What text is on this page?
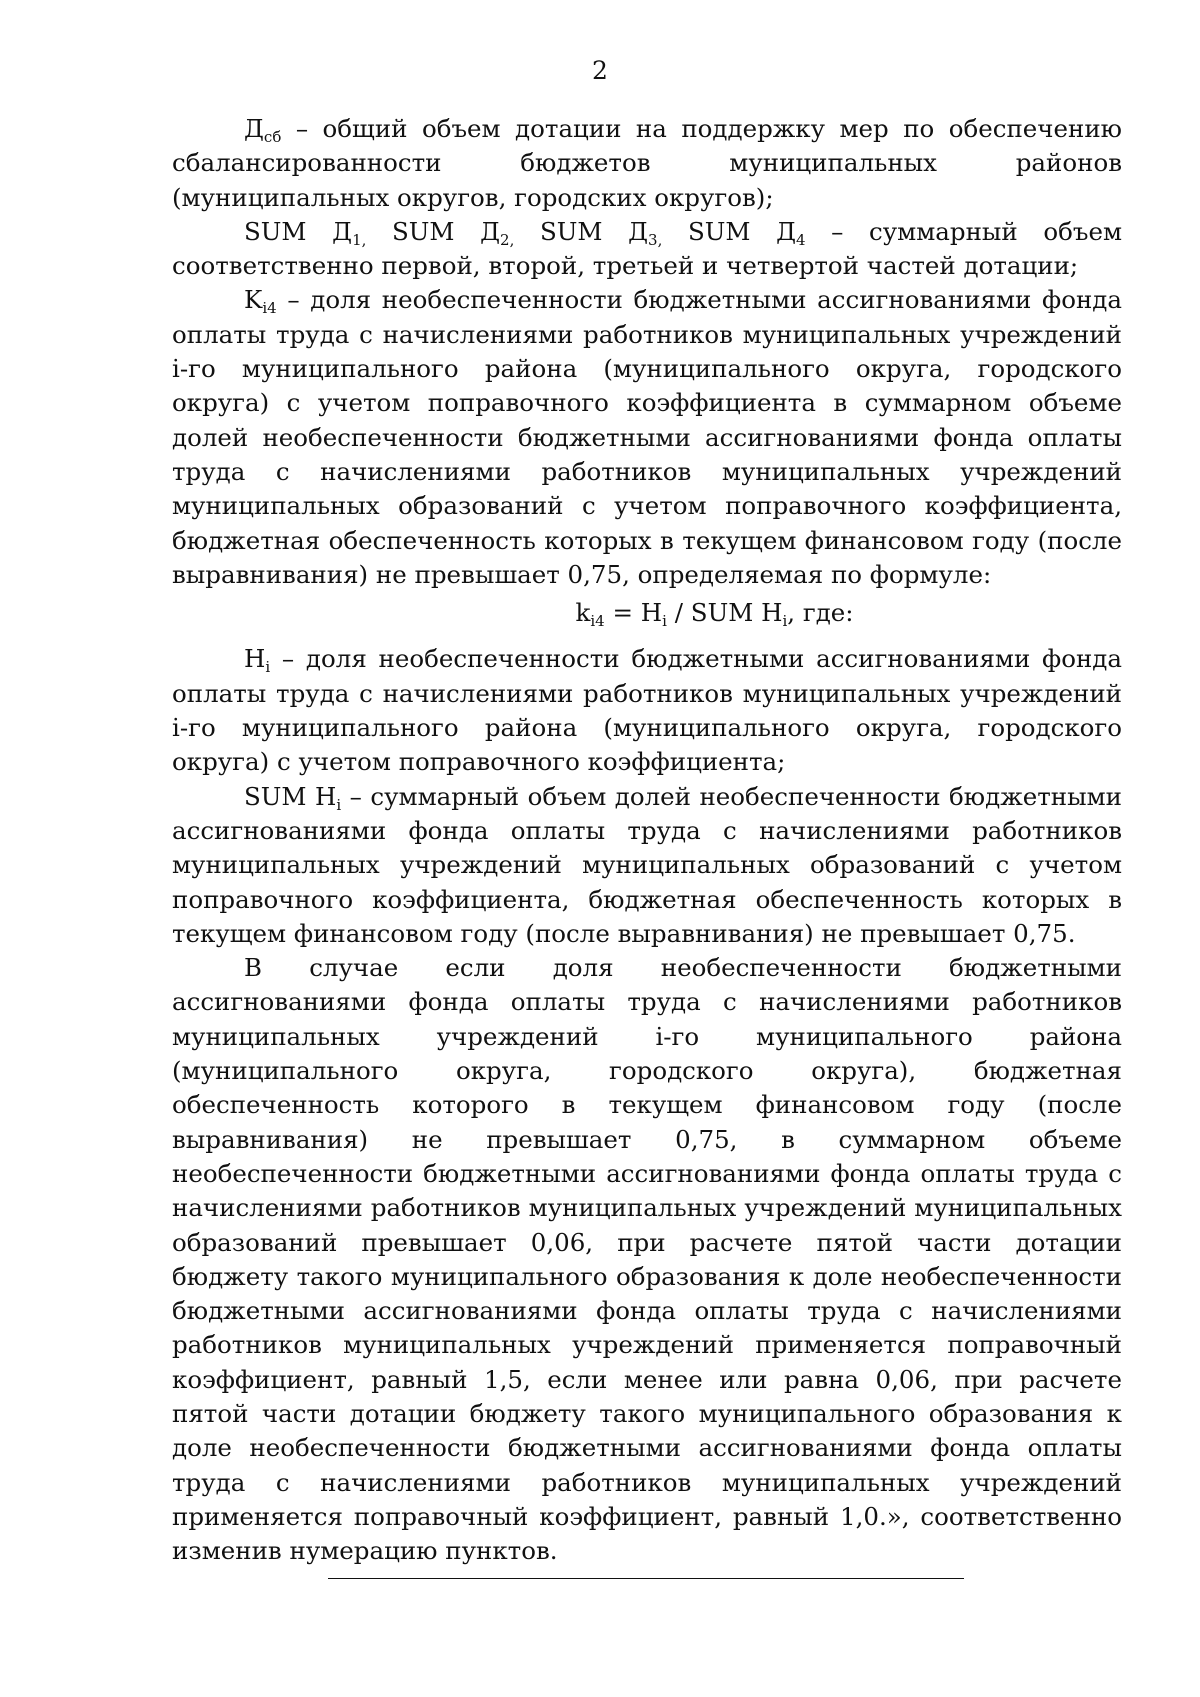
2

$Д_{сб}$ – общий объем дотации на поддержку мер по обеспечению сбалансированности бюджетов муниципальных районов (муниципальных округов, городских округов);

SUM $Д_{1,}$ SUM $Д_{2,}$ SUM $Д_{3,}$ SUM $Д_4$ – суммарный объем соответственно первой, второй, третьей и четвертой частей дотации;

$K_{i4}$ – доля необеспеченности бюджетными ассигнованиями фонда оплаты труда с начислениями работников муниципальных учреждений i-го муниципального района (муниципального округа, городского округа) с учетом поправочного коэффициента в суммарном объеме долей необеспеченности бюджетными ассигнованиями фонда оплаты труда с начислениями работников муниципальных учреждений муниципальных образований с учетом поправочного коэффициента, бюджетная обеспеченность которых в текущем финансовом году (после выравнивания) не превышает 0,75, определяемая по формуле:

$k_{i4} = H_i$ / SUM $H_i$, где:

$H_i$ – доля необеспеченности бюджетными ассигнованиями фонда оплаты труда с начислениями работников муниципальных учреждений i-го муниципального района (муниципального округа, городского округа) с учетом поправочного коэффициента;

SUM $H_i$ – суммарный объем долей необеспеченности бюджетными ассигнованиями фонда оплаты труда с начислениями работников муниципальных учреждений муниципальных образований с учетом поправочного коэффициента, бюджетная обеспеченность которых в текущем финансовом году (после выравнивания) не превышает 0,75.

В случае если доля необеспеченности бюджетными ассигнованиями фонда оплаты труда с начислениями работников муниципальных учреждений i-го муниципального района (муниципального округа, городского округа), бюджетная обеспеченность которого в текущем финансовом году (после выравнивания) не превышает 0,75, в суммарном объеме необеспеченности бюджетными ассигнованиями фонда оплаты труда с начислениями работников муниципальных учреждений муниципальных образований превышает 0,06, при расчете пятой части дотации бюджету такого муниципального образования к доле необеспеченности бюджетными ассигнованиями фонда оплаты труда с начислениями работников муниципальных учреждений применяется поправочный коэффициент, равный 1,5, если менее или равна 0,06, при расчете пятой части дотации бюджету такого муниципального образования к доле необеспеченности бюджетными ассигнованиями фонда оплаты труда с начислениями работников муниципальных учреждений применяется поправочный коэффициент, равный 1,0.», соответственно изменив нумерацию пунктов.
